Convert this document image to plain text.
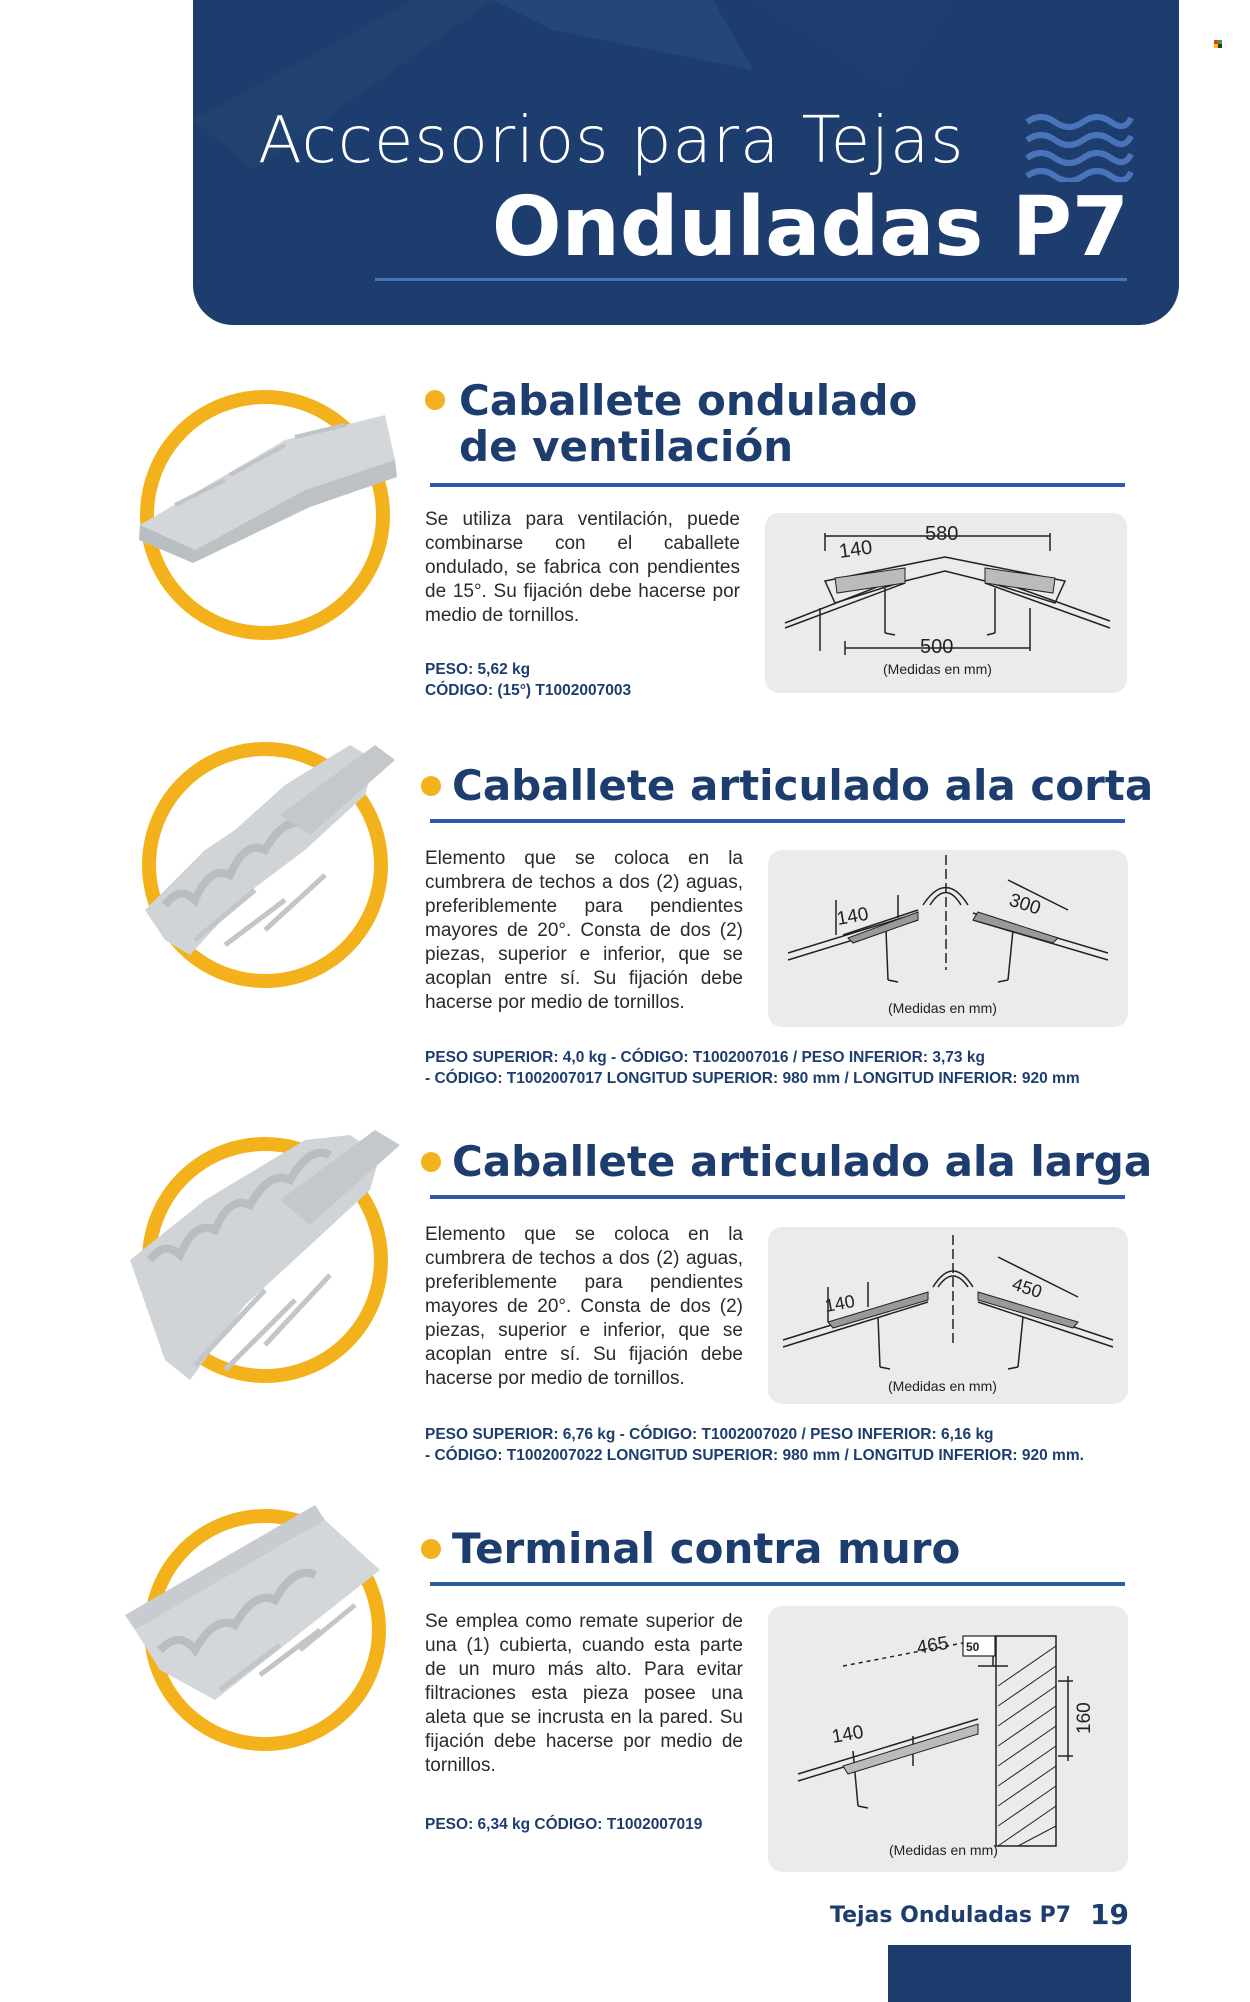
Accesorios para Tejas
Onduladas P7
Caballete ondulado
de ventilación
Se utiliza para ventilación, puede combinarse con el caballete ondulado, se fabrica con pendientes de 15°. Su fijación debe hacerse por medio de tornillos.
PESO: 5,62 kg
CÓDIGO: (15°) T1002007003
580
140
500
(Medidas en mm)
Caballete articulado ala corta
Elemento que se coloca en la cumbrera de techos a dos (2) aguas, preferiblemente para pendientes mayores de 20°. Consta de dos (2) piezas, superior e inferior, que se acoplan entre sí. Su fijación debe hacerse por medio de tornillos.
PESO SUPERIOR: 4,0 kg - CÓDIGO: T1002007016 / PESO INFERIOR: 3,73 kg
- CÓDIGO: T1002007017 LONGITUD SUPERIOR: 980 mm / LONGITUD INFERIOR: 920 mm
140	300
(Medidas en mm)
Caballete articulado ala larga
Elemento que se coloca en la cumbrera de techos a dos (2) aguas, preferiblemente para pendientes mayores de 20°. Consta de dos (2) piezas, superior e inferior, que se acoplan entre sí. Su fijación debe hacerse por medio de tornillos.
PESO SUPERIOR: 6,76 kg - CÓDIGO: T1002007020 / PESO INFERIOR: 6,16 kg
- CÓDIGO: T1002007022 LONGITUD SUPERIOR: 980 mm / LONGITUD INFERIOR: 920 mm.
140
450
(Medidas en mm)
Terminal contra muro
Se emplea como remate superior de una (1) cubierta, cuando esta parte de un muro más alto. Para evitar filtraciones esta pieza posee una aleta que se incrusta en la pared. Su fijación debe hacerse por medio de tornillos.
PESO: 6,34 kg CÓDIGO: T1002007019
465 50
140
160
(Medidas en mm)
Tejas Onduladas P7 19
